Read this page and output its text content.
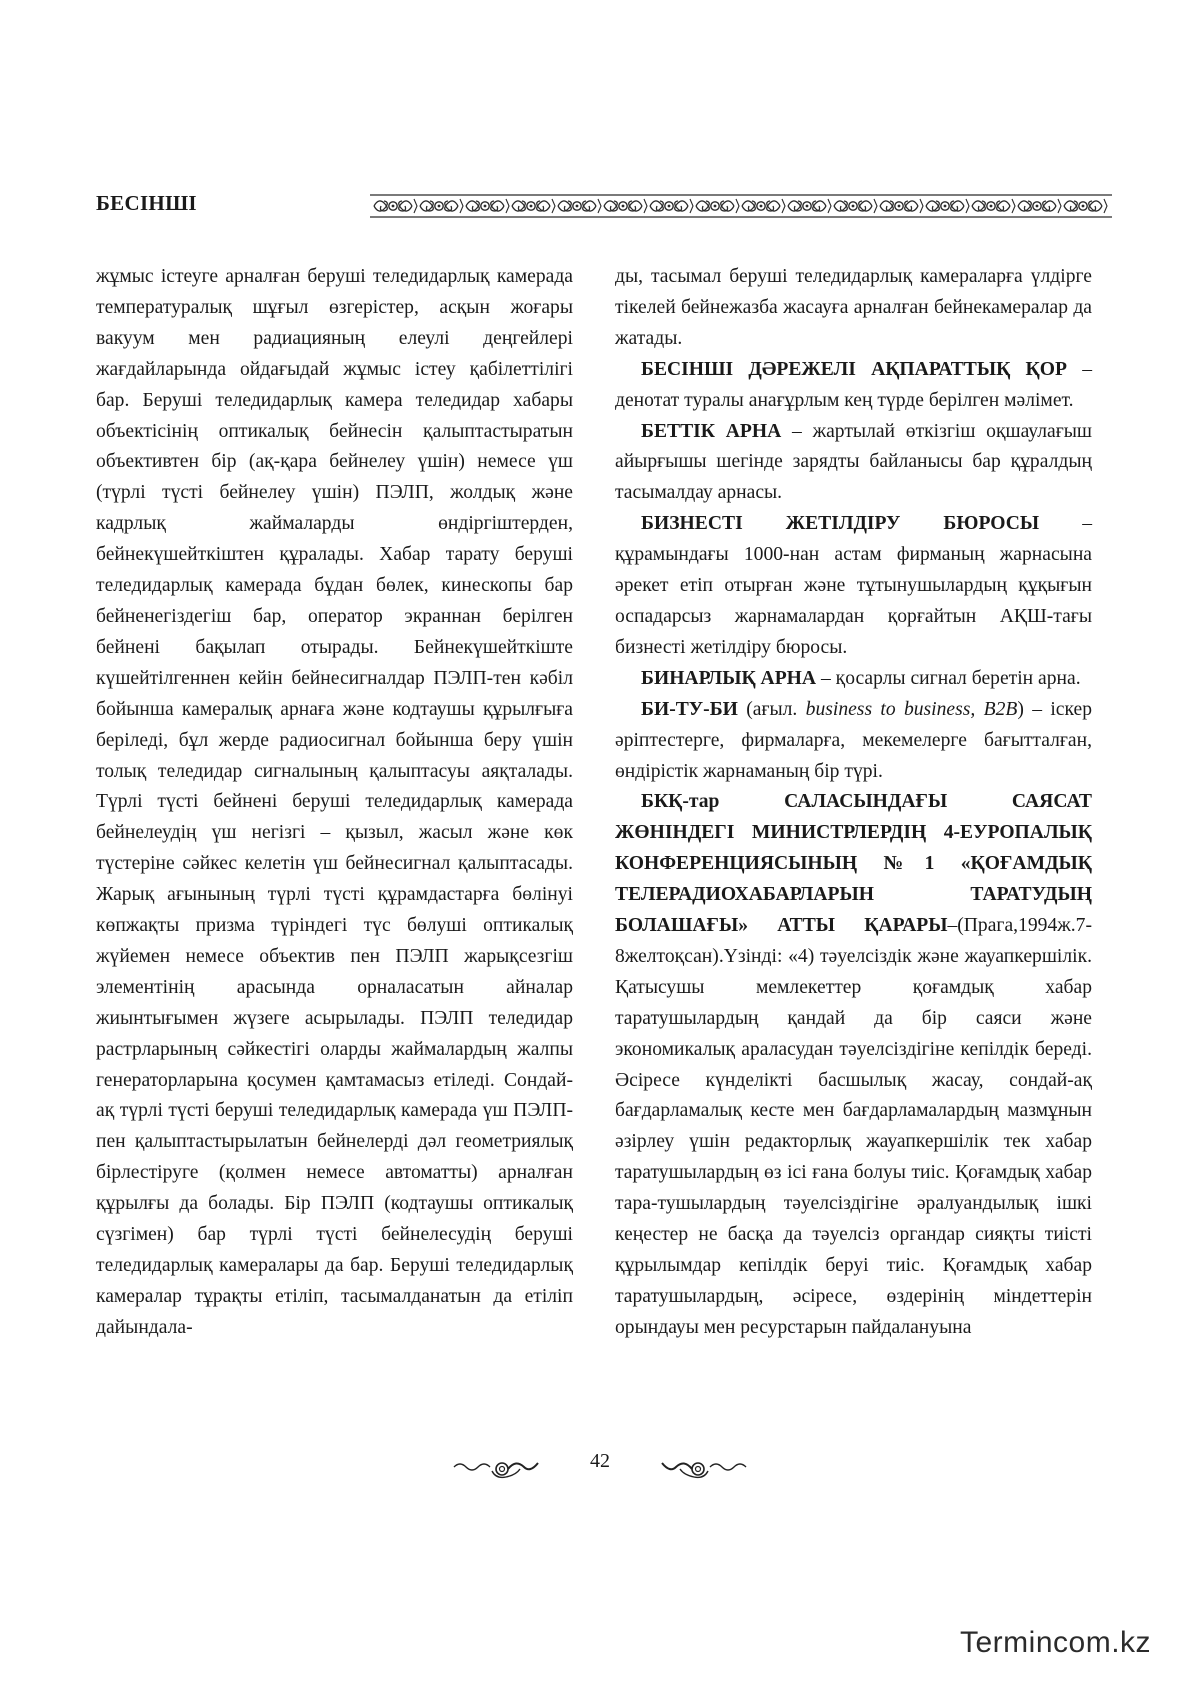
БЕСІНШІ

жұмыс істеуге арналған беруші теледидарлық камерада температуралық шұғыл өзгерістер, асқын жоғары вакуум мен радиацияның елеулі деңгейлері жағдайларында ойдағыдай жұмыс істеу қабілеттілігі бар. Беруші теледидарлық камера теледидар хабары объектісінің оптикалық бейнесін қалыптастыратын объективтен бір (ақ-қара бейнелеу үшін) немесе үш (түрлі түсті бейнелеу үшін) ПЭЛП, жолдық және кадрлық жаймаларды өндіргіштерден, бейнекүшейткіштен құралады. Хабар тарату беруші теледидарлық камерада бұдан бөлек, кинескопы бар бейненегіздегіш бар, оператор экраннан берілген бейнені бақылап отырады. Бейнекүшейткіште күшейтілгеннен кейін бейнесигналдар ПЭЛП-тен кәбіл бойынша камералық арнаға және кодтаушы құрылғыға беріледі, бұл жерде радиосигнал бойынша беру үшін толық теледидар сигналының қалыптасуы аяқталады. Түрлі түсті бейнені беруші теледидарлық камерада бейнелеудің үш негізгі – қызыл, жасыл және көк түстеріне сәйкес келетін үш бейнесигнал қалыптасады. Жарық ағынының түрлі түсті құрамдастарға бөлінуі көпжақты призма түріндегі түс бөлуші оптикалық жүйемен немесе объектив пен ПЭЛП жарықсезгіш элементінің арасында орналасатын айналар жиынтығымен жүзеге асырылады. ПЭЛП теледидар растрларының сәйкестігі оларды жаймалардың жалпы генераторларына қосумен қамтамасыз етіледі. Сондай-ақ түрлі түсті беруші теледидарлық камерада үш ПЭЛП-пен қалыптастырылатын бейнелерді дәл геометриялық бірлестіруге (қолмен немесе автоматты) арналған құрылғы да болады. Бір ПЭЛП (кодтаушы оптикалық сүзгімен) бар түрлі түсті бейнелесудің беруші теледидарлық камералары да бар. Беруші теледидарлық камералар тұрақты етіліп, тасымалданатын да етіліп дайындала-

ды, тасымал беруші теледидарлық камераларға үлдірге тікелей бейнежазба жасауға арналған бейнекамералар да жатады.

БЕСІНШІ ДӘРЕЖЕЛІ АҚПАРАТТЫҚ ҚОР – денотат туралы анағұрлым кең түрде берілген мәлімет.

БЕТТІК АРНА – жартылай өткізгіш оқшаулағыш айырғышы шегінде зарядты байланысы бар құралдың тасымалдау арнасы.

БИЗНЕСТІ ЖЕТІЛДІРУ БЮРОСЫ – құрамындағы 1000-нан астам фирманың жарнасына әрекет етіп отырған және тұтынушылардың құқығын оспадарсыз жарнамалардан қорғайтын АҚШ-тағы бизнесті жетілдіру бюросы.

БИНАРЛЫҚ АРНА – қосарлы сигнал беретін арна.

БИ-ТУ-БИ (ағыл. business to business, B2B) – іскер әріптестерге, фирмаларға, мекемелерге бағытталған, өндірістік жарнаманың бір түрі.

БКҚ-тар САЛАСЫНДАҒЫ САЯСАТ ЖӨНІНДЕГІ МИНИСТРЛЕРДІҢ 4-ЕУРОПАЛЫҚ КОНФЕРЕНЦИЯСЫНЫҢ №1 «ҚОҒАМДЫҚ ТЕЛЕРАДИОХАБАРЛАРЫН ТАРАТУДЫҢ БОЛАШАҒЫ» АТТЫ ҚАРАРЫ–(Прага,1994ж.7-8желтоқсан).Үзінді: «4) тәуелсіздік және жауапкершілік. Қатысушы мемлекеттер қоғамдық хабар таратушылардың қандай да бір саяси және экономикалық араласудан тәуелсіздігіне кепілдік береді. Әсіресе күнделікті басшылық жасау, сондай-ақ бағдарламалық кесте мен бағдарламалардың мазмұнын әзірлеу үшін редакторлық жауапкершілік тек хабар таратушылардың өз ісі ғана болуы тиіс. Қоғамдық хабар тара-тушылардың тәуелсіздігіне әралуандылық ішкі кеңестер не басқа да тәуелсіз органдар сияқты тиісті құрылымдар кепілдік беруі тиіс. Қоғамдық хабар таратушылардың, әсіресе, өздерінің міндеттерін орындауы мен ресурстарын пайдалануына

42
Termincom.kz
